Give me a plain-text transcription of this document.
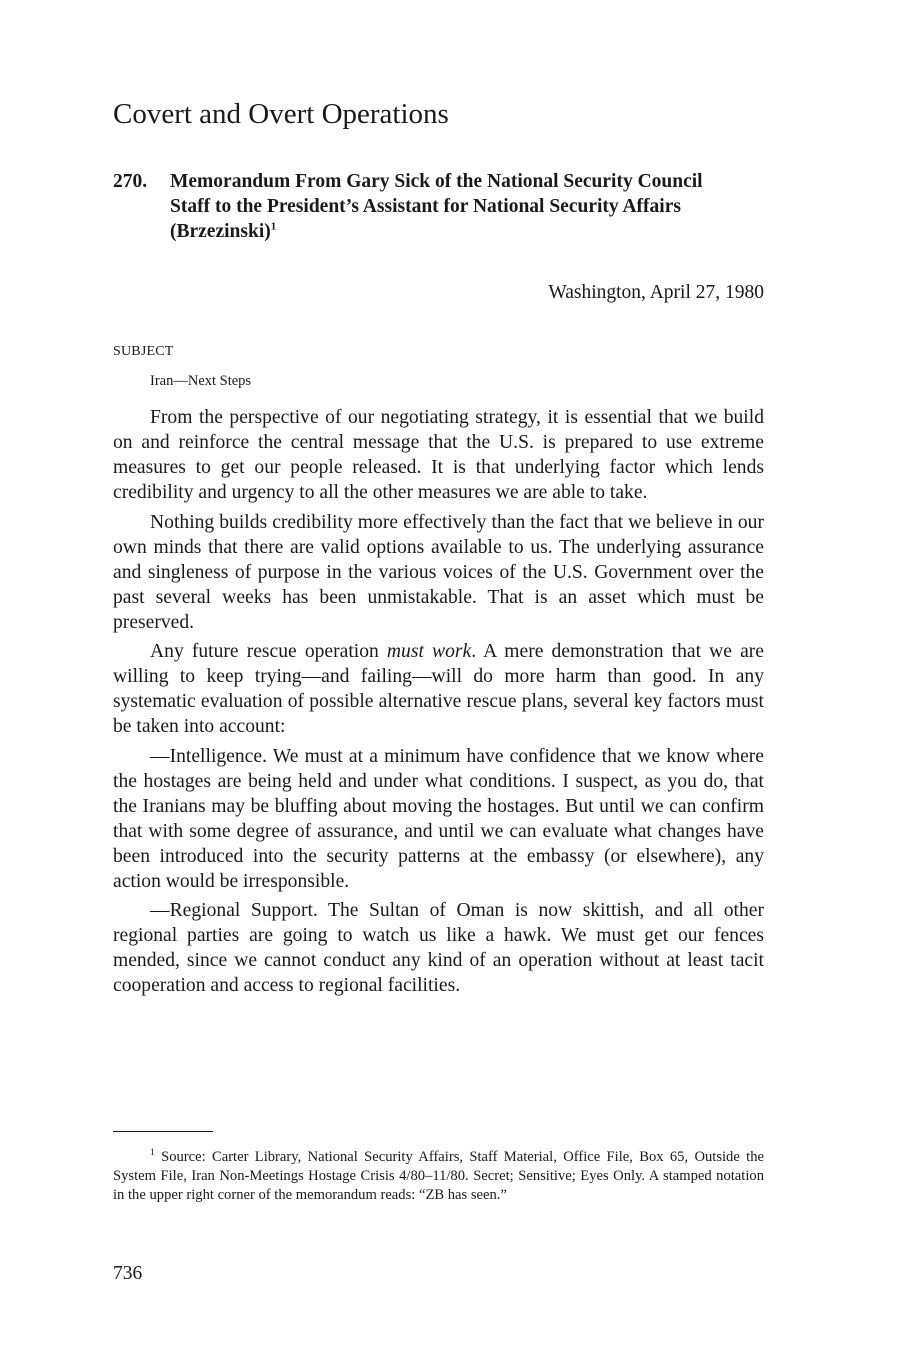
Covert and Overt Operations
270. Memorandum From Gary Sick of the National Security Council Staff to the President’s Assistant for National Security Affairs (Brzezinski)$^1$
Washington, April 27, 1980
SUBJECT
Iran—Next Steps

From the perspective of our negotiating strategy, it is essential that we build on and reinforce the central message that the U.S. is prepared to use extreme measures to get our people released. It is that underlying factor which lends credibility and urgency to all the other measures we are able to take.

Nothing builds credibility more effectively than the fact that we believe in our own minds that there are valid options available to us. The underlying assurance and singleness of purpose in the various voices of the U.S. Government over the past several weeks has been unmistakable. That is an asset which must be preserved.

Any future rescue operation must work. A mere demonstration that we are willing to keep trying—and failing—will do more harm than good. In any systematic evaluation of possible alternative rescue plans, several key factors must be taken into account:

—Intelligence. We must at a minimum have confidence that we know where the hostages are being held and under what conditions. I suspect, as you do, that the Iranians may be bluffing about moving the hostages. But until we can confirm that with some degree of assurance, and until we can evaluate what changes have been introduced into the security patterns at the embassy (or elsewhere), any action would be irresponsible.

—Regional Support. The Sultan of Oman is now skittish, and all other regional parties are going to watch us like a hawk. We must get our fences mended, since we cannot conduct any kind of an operation without at least tacit cooperation and access to regional facilities.

$^1$ Source: Carter Library, National Security Affairs, Staff Material, Office File, Box 65, Outside the System File, Iran Non-Meetings Hostage Crisis 4/80–11/80. Secret; Sensitive; Eyes Only. A stamped notation in the upper right corner of the memorandum reads: “ZB has seen.”

736
